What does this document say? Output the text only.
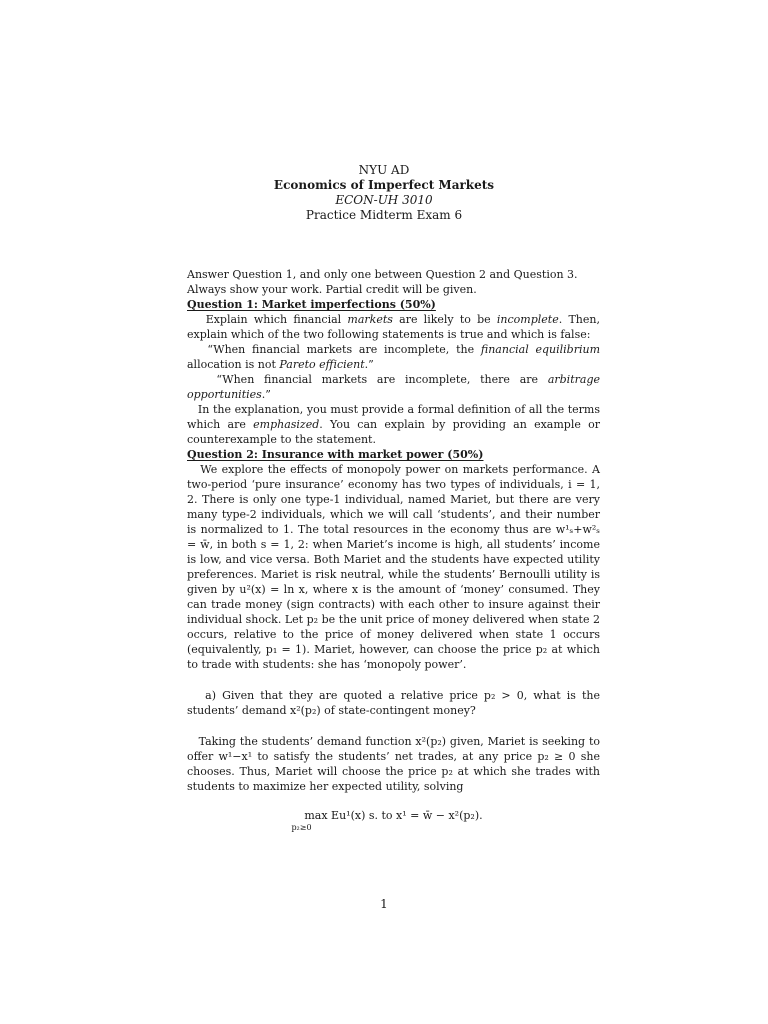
NYU AD
Economics of Imperfect Markets
ECON-UH 3010
Practice Midterm Exam 6

Answer Question 1, and only one between Question 2 and Question 3.

Always show your work. Partial credit will be given.

Question 1: Market imperfections (50%)

Explain which financial markets are likely to be incomplete. Then, explain which of the two following statements is true and which is false:

“When financial markets are incomplete, the financial equilibrium allocation is not Pareto efficient.”

“When financial markets are incomplete, there are arbitrage opportunities.”

In the explanation, you must provide a formal definition of all the terms which are emphasized. You can explain by providing an example or counterexample to the statement.

Question 2: Insurance with market power (50%)

We explore the effects of monopoly power on markets performance. A two-period ‘pure insurance’ economy has two types of individuals, i = 1, 2. There is only one type-1 individual, named Mariet, but there are very many type-2 individuals, which we will call ‘students’, and their number is normalized to 1. The total resources in the economy thus are w¹ₛ+w²ₛ = w̄, in both s = 1, 2: when Mariet’s income is high, all students’ income is low, and vice versa. Both Mariet and the students have expected utility preferences. Mariet is risk neutral, while the students’ Bernoulli utility is given by u²(x) = ln x, where x is the amount of ‘money’ consumed. They can trade money (sign contracts) with each other to insure against their individual shock. Let p₂ be the unit price of money delivered when state 2 occurs, relative to the price of money delivered when state 1 occurs (equivalently, p₁ = 1). Mariet, however, can choose the price p₂ at which to trade with students: she has ‘monopoly power’.

a) Given that they are quoted a relative price p₂ > 0, what is the students’ demand x²(p₂) of state-contingent money?

Taking the students’ demand function x²(p₂) given, Mariet is seeking to offer w¹−x¹ to satisfy the students’ net trades, at any price p₂ ≥ 0 she chooses. Thus, Mariet will choose the price p₂ at which she trades with students to maximize her expected utility, solving

max Eu¹(x) s. to x¹ = w̄ − x²(p₂).
$^{p_2\ge 0}$
1
